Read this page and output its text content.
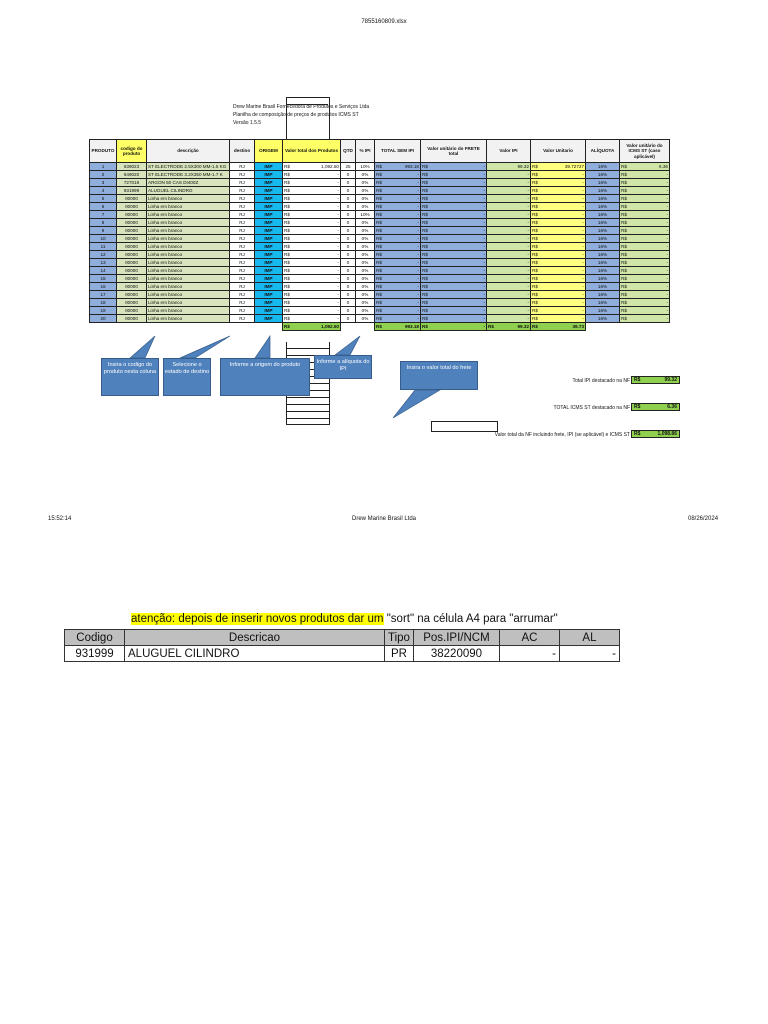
7855160809.xlsx
Drew Marine Brasil Fornecedora de Produtos e Serviços Ltda
Planilha de composição de preços de produtos ICMS ST
Versão 1.5.5
PRODUTO	codigo do produto	descrição	destino	ORIGEM	Valor total dos Produtos	QTD	% IPI	TOTAL SEM IPI	Valor unitário do FRETE total	Valor IPI	Valor Unitario	ALÍQUOTA	Valor unitário do ICMS ST (caso aplicável)
1	639023	ST ELECTRODE 2.5X300 MM-1.5 KG	RJ	IMP	R$ 1,092.50	25	10%	R$ 993.18	R$ -	99.32	R$ 39.72727	16%	R$ 6.36

2	649020	ST ELECTRODE 3.2X350 MM-1.7 K	RJ	IMP	R$ -	0	0%	R$ -	R$ -	-	R$ -	16%	R$ -

3	727018	ARGON 50 CAS DI400Z	RJ	IMP	R$ -	0	0%	R$ -	R$ -	-	R$ -	16%	R$ -

4	931999	ALUGUEL CILINDRO	RJ	IMP	R$ -	0	0%	R$ -	R$ -	-	R$ -	16%	R$ -

5	00000	Linha em branco	RJ	IMP	R$ -	0	0%	R$ -	R$ -	-	R$ -	16%	R$ -

6	00000	Linha em branco	RJ	IMP	R$ -	0	0%	R$ -	R$ -	-	R$ -	16%	R$ -

7	00000	Linha em branco	RJ	IMP	R$ -	0	10%	R$ -	R$ -	-	R$ -	16%	R$ -

8	00000	Linha em branco	RJ	IMP	R$ -	0	0%	R$ -	R$ -	-	R$ -	16%	R$ -

9	00000	Linha em branco	RJ	IMP	R$ -	0	0%	R$ -	R$ -	-	R$ -	16%	R$ -

10	00000	Linha em branco	RJ	IMP	R$ -	0	0%	R$ -	R$ -	-	R$ -	16%	R$ -

11	00000	Linha em branco	RJ	IMP	R$ -	0	0%	R$ -	R$ -	-	R$ -	16%	R$ -

12	00000	Linha em branco	RJ	IMP	R$ -	0	0%	R$ -	R$ -	-	R$ -	16%	R$ -

13	00000	Linha em branco	RJ	IMP	R$ -	0	0%	R$ -	R$ -	-	R$ -	16%	R$ -

14	00000	Linha em branco	RJ	IMP	R$ -	0	0%	R$ -	R$ -	-	R$ -	16%	R$ -

15	00000	Linha em branco	RJ	IMP	R$ -	0	0%	R$ -	R$ -	-	R$ -	16%	R$ -

16	00000	Linha em branco	RJ	IMP	R$ -	0	0%	R$ -	R$ -	-	R$ -	16%	R$ -

17	00000	Linha em branco	RJ	IMP	R$ -	0	0%	R$ -	R$ -	-	R$ -	16%	R$ -

18	00000	Linha em branco	RJ	IMP	R$ -	0	0%	R$ -	R$ -	-	R$ -	16%	R$ -

19	00000	Linha em branco	RJ	IMP	R$ -	0	0%	R$ -	R$ -	-	R$ -	16%	R$ -

20	00000	Linha em branco	RJ	IMP	R$ -	0	0%	R$ -	R$ -	-	R$ -	16%	R$ -

					R$ 1,092.50			R$ 993.18	R$ -	R$ 99.32	R$ 39.73		

Insira o codigo do produto nesta coluna
Selecione o estado de destino
Informe a origem do produto	Informe a alíquota do IPI	Insira o valor total do frete
Total IPI destacado na NF R$	99.32
TOTAL ICMS ST destacado na NF R$	6.36
Valor total da NF incluindo frete, IPI (se aplicável) e ICMS ST R$	1,098.86
15:52:14	Drew Marine Brasil Ltda	08/26/2024
atenção: depois de inserir novos produtos dar um "sort" na célula A4 para "arrumar"
Codigo	Descricao	Tipo	Pos.IPI/NCM	AC	AL
931999	ALUGUEL CILINDRO	PR	38220090	-	-
